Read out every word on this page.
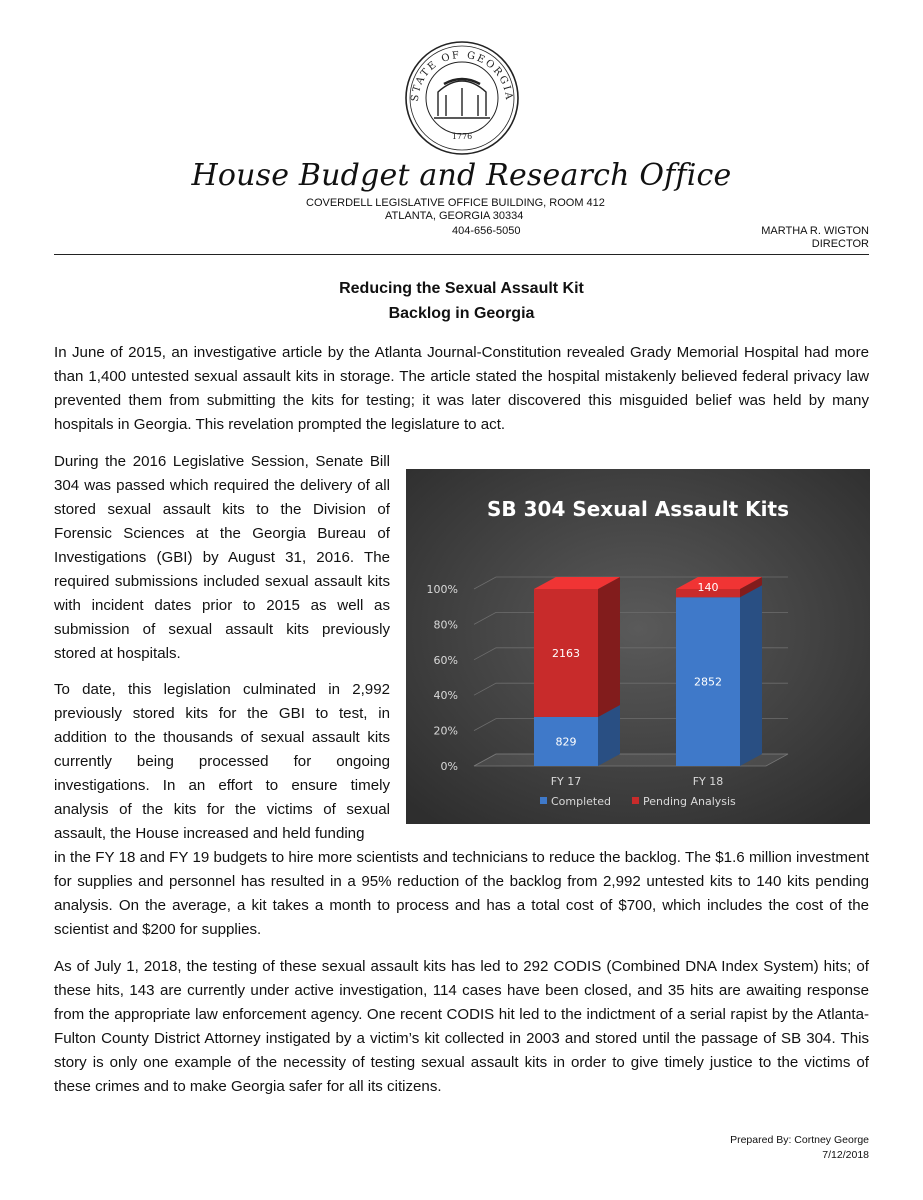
STATE OF GEORGIA
1776
House Budget and Research Office
COVERDELL LEGISLATIVE OFFICE BUILDING, ROOM 412
ATLANTA, GEORGIA 30334
404-656-5050	MARTHA R. WIGTON
DIRECTOR
Reducing the Sexual Assault Kit
Backlog in Georgia

In June of 2015, an investigative article by the Atlanta Journal-Constitution revealed Grady Memorial Hospital had more than 1,400 untested sexual assault kits in storage. The article stated the hospital mistakenly believed federal privacy law prevented them from submitting the kits for testing; it was later discovered this misguided belief was held by many hospitals in Georgia. This revelation prompted the legislature to act.

During the 2016 Legislative Session, Senate Bill 304 was passed which required the delivery of all stored sexual assault kits to the Division of Forensic Sciences at the Georgia Bureau of Investigations (GBI) by August 31, 2016. The required submissions included sexual assault kits with incident dates prior to 2015 as well as submission of sexual assault kits previously stored at hospitals.

To date, this legislation culminated in 2,992 previously stored kits for the GBI to test, in addition to the thousands of sexual assault kits currently being processed for ongoing investigations. In an effort to ensure timely analysis of the kits for the victims of sexual assault, the House increased and held funding

in the FY 18 and FY 19 budgets to hire more scientists and technicians to reduce the backlog. The $1.6 million investment for supplies and personnel has resulted in a 95% reduction of the backlog from 2,992 untested kits to 140 kits pending analysis. On the average, a kit takes a month to process and has a total cost of $700, which includes the cost of the scientist and $200 for supplies.

As of July 1, 2018, the testing of these sexual assault kits has led to 292 CODIS (Combined DNA Index System) hits; of these hits, 143 are currently under active investigation, 114 cases have been closed, and 35 hits are awaiting response from the appropriate law enforcement agency. One recent CODIS hit led to the indictment of a serial rapist by the Atlanta-Fulton County District Attorney instigated by a victim’s kit collected in 2003 and stored until the passage of SB 304. This story is only one example of the necessity of testing sexual assault kits in order to give timely justice to the victims of these crimes and to make Georgia safer for all its citizens.

SB 304 Sexual Assault Kits
0%
20%
40%
60%
80%
100%
829
2163
FY 17
2852
140
FY 18
Completed	Pending Analysis
Prepared By: Cortney George
7/12/2018
